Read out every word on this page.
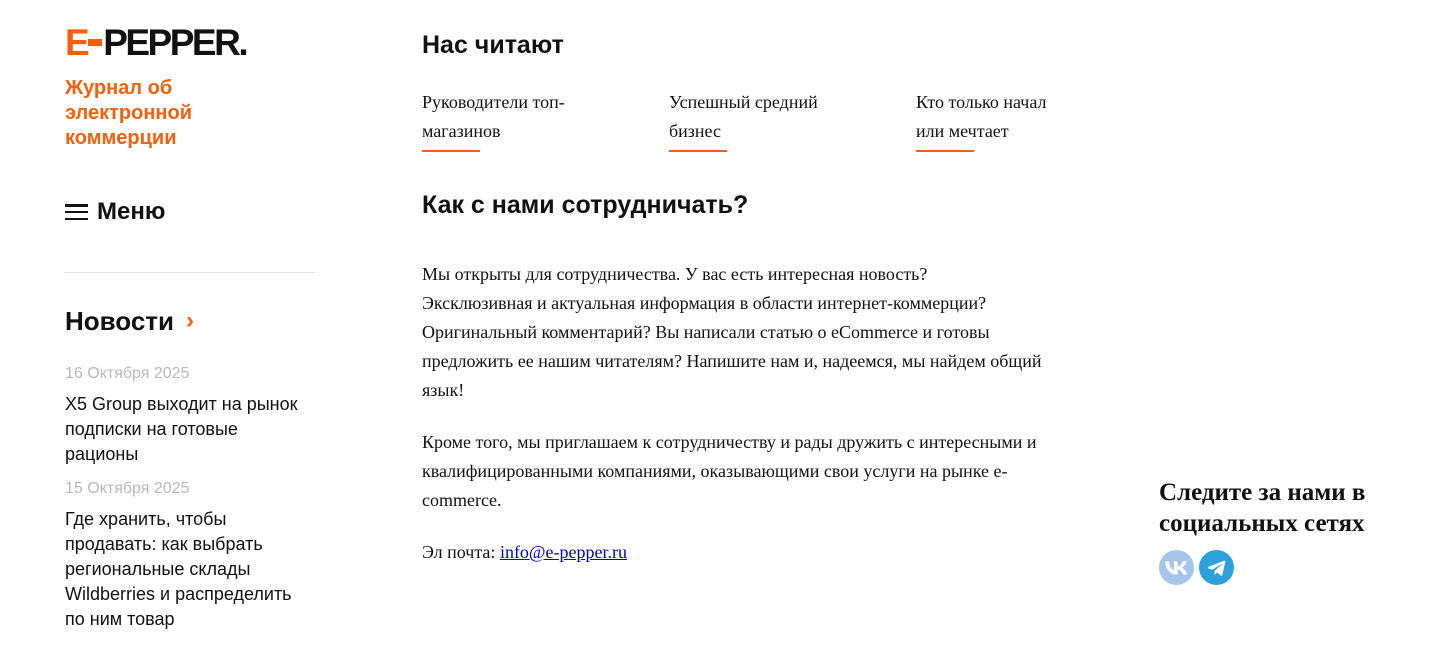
E PEPPER.
Журнал об электронной коммерции
Меню
Новости ›
16 Октября 2025
X5 Group выходит на рынок подписки на готовые рационы
15 Октября 2025
Где хранить, чтобы продавать: как выбрать региональные склады Wildberries и распределить по ним товар
Нас читают
Руководители топ-магазинов
Успешный средний бизнес
Кто только начал или мечтает
Как с нами сотрудничать?

Мы открыты для сотрудничества. У вас есть интересная новость? Эксклюзивная и актуальная информация в области интернет-коммерции? Оригинальный комментарий? Вы написали статью о eCommerce и готовы предложить ее нашим читателям? Напишите нам и, надеемся, мы найдем общий язык!

Кроме того, мы приглашаем к сотрудничеству и рады дружить с интересными и квалифицированными компаниями, оказывающими свои услуги на рынке e-commerce.

Эл почта: info@e-pepper.ru

Следите за нами в социальных сетях
